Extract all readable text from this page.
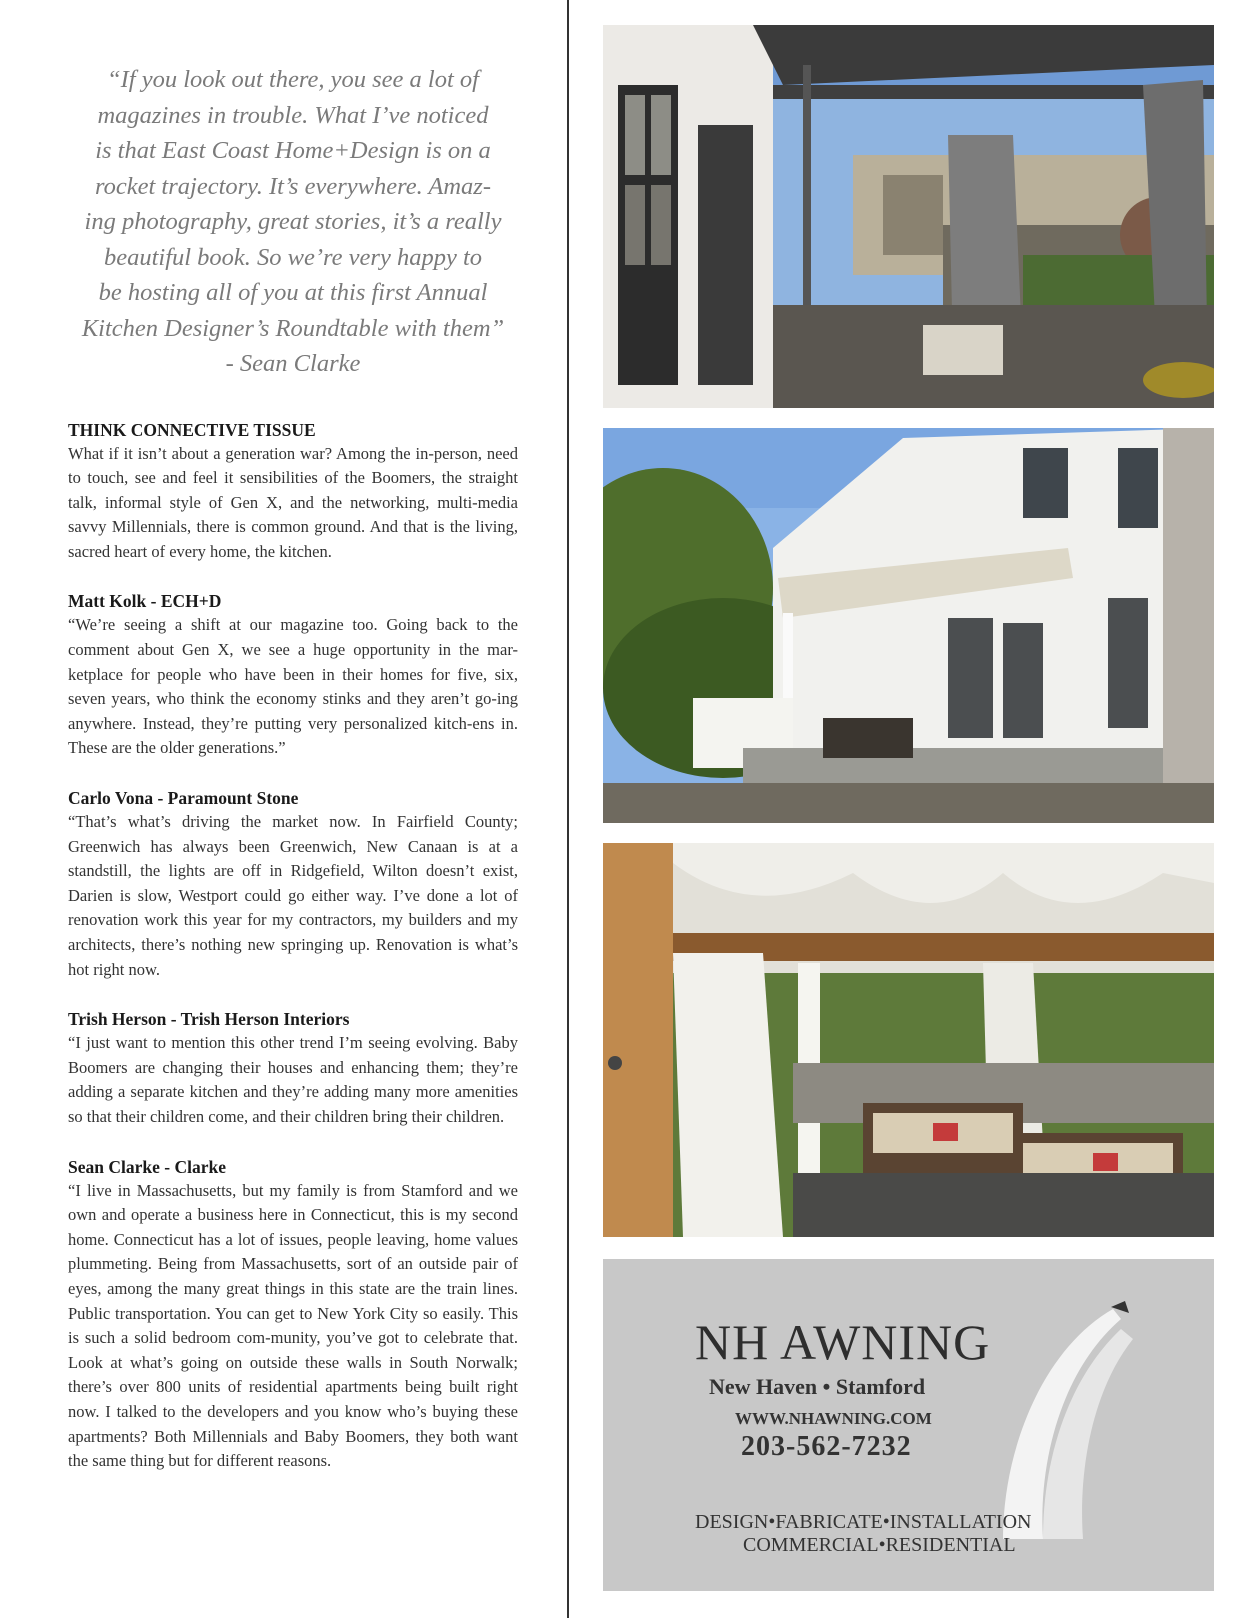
“If you look out there, you see a lot of
magazines in trouble. What I’ve noticed
is that East Coast Home+Design is on a
rocket trajectory. It’s everywhere. Amaz-
ing photography, great stories, it’s a really
beautiful book. So we’re very happy to
be hosting all of you at this first Annual
Kitchen Designer’s Roundtable with them”
- Sean Clarke
THINK CONNECTIVE TISSUE

What if it isn’t about a generation war? Among the in-person, need to touch, see and feel it sensibilities of the Boomers, the straight talk, informal style of Gen X, and the networking, multi-media savvy Millennials, there is common ground. And that is the living, sacred heart of every home, the kitchen.

Matt Kolk - ECH+D

“We’re seeing a shift at our magazine too. Going back to the comment about Gen X, we see a huge opportunity in the mar-ketplace for people who have been in their homes for five, six, seven years, who think the economy stinks and they aren’t go-ing anywhere. Instead, they’re putting very personalized kitch-ens in. These are the older generations.”

Carlo Vona - Paramount Stone

“That’s what’s driving the market now. In Fairfield County; Greenwich has always been Greenwich, New Canaan is at a standstill, the lights are off in Ridgefield, Wilton doesn’t exist, Darien is slow, Westport could go either way. I’ve done a lot of renovation work this year for my contractors, my builders and my architects, there’s nothing new springing up. Renovation is what’s hot right now.

Trish Herson - Trish Herson Interiors

“I just want to mention this other trend I’m seeing evolving. Baby Boomers are changing their houses and enhancing them; they’re adding a separate kitchen and they’re adding many more amenities so that their children come, and their children bring their children.

Sean Clarke - Clarke

“I live in Massachusetts, but my family is from Stamford and we own and operate a business here in Connecticut, this is my second home. Connecticut has a lot of issues, people leaving, home values plummeting. Being from Massachusetts, sort of an outside pair of eyes, among the many great things in this state are the train lines. Public transportation. You can get to New York City so easily. This is such a solid bedroom com-munity, you’ve got to celebrate that. Look at what’s going on outside these walls in South Norwalk; there’s over 800 units of residential apartments being built right now. I talked to the developers and you know who’s buying these apartments? Both Millennials and Baby Boomers, they both want the same thing but for different reasons.

NH AWNING
New Haven • Stamford
WWW.NHAWNING.COM
203-562-7232
DESIGN•FABRICATE•INSTALLATION
COMMERCIAL•RESIDENTIAL
